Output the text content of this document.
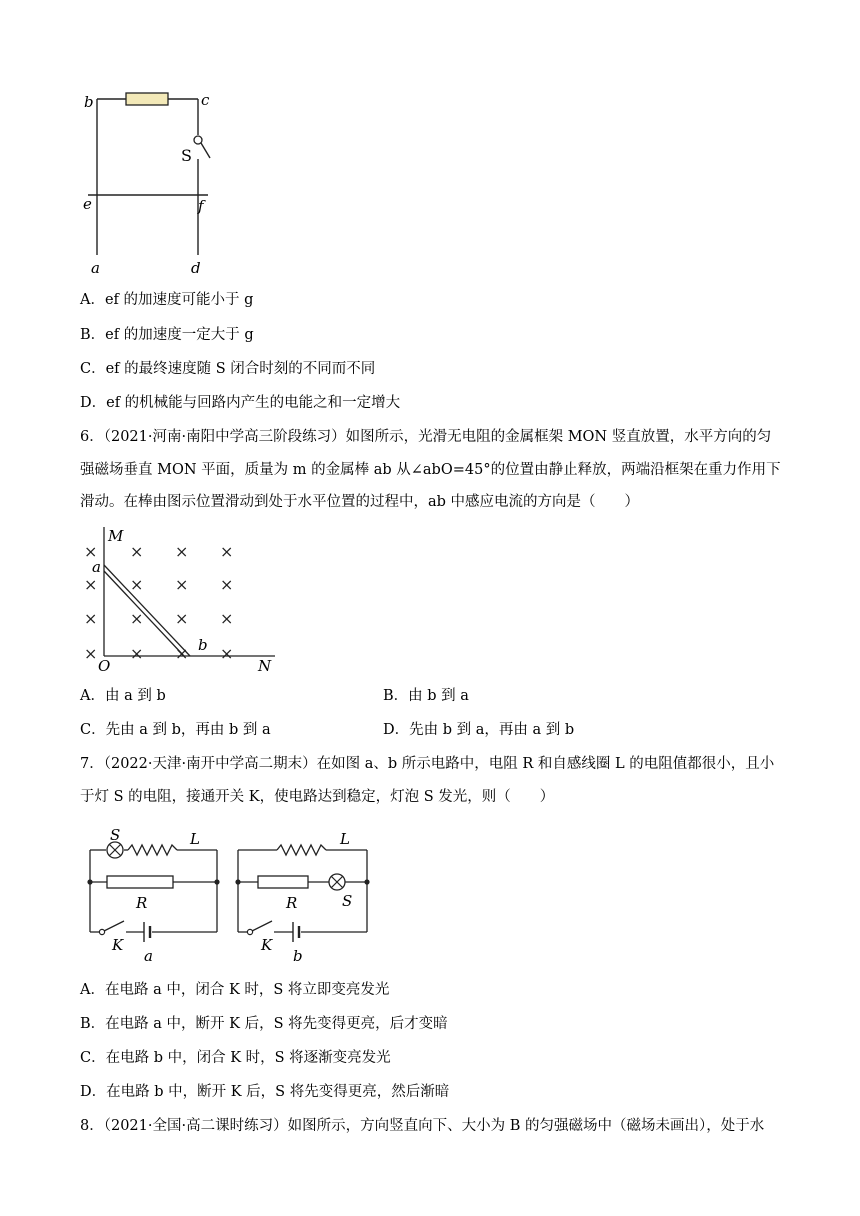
b	c
S
e	f
a	d
A．ef 的加速度可能小于 g
B．ef 的加速度一定大于 g
C．ef 的最终速度随 S 闭合时刻的不同而不同
D．ef 的机械能与回路内产生的电能之和一定增大
6．（2021·河南·南阳中学高三阶段练习）如图所示，光滑无电阻的金属框架 MON 竖直放置，水平方向的匀强磁场垂直 MON 平面，质量为 m 的金属棒 ab 从∠abO=45°的位置由静止释放，两端沿框架在重力作用下滑动。在棒由图示位置滑动到处于水平位置的过程中，ab 中感应电流的方向是（　　）
× × × ×
× × × ×
× × × ×
× × × ×
M
a
b
O	N
A．由 a 到 b	B．由 b 到 a
C．先由 a 到 b，再由 b 到 a	D．先由 b 到 a，再由 a 到 b
7．（2022·天津·南开中学高二期末）在如图 a、b 所示电路中，电阻 R 和自感线圈 L 的电阻值都很小，且小于灯 S 的电阻，接通开关 K，使电路达到稳定，灯泡 S 发光，则（　　）
S	L
R
K
a
L
R	S
K
b
A．在电路 a 中，闭合 K 时，S 将立即变亮发光
B．在电路 a 中，断开 K 后，S 将先变得更亮，后才变暗
C．在电路 b 中，闭合 K 时，S 将逐渐变亮发光
D．在电路 b 中，断开 K 后，S 将先变得更亮，然后渐暗
8．（2021·全国·高二课时练习）如图所示，方向竖直向下、大小为 B 的匀强磁场中（磁场未画出），处于水
